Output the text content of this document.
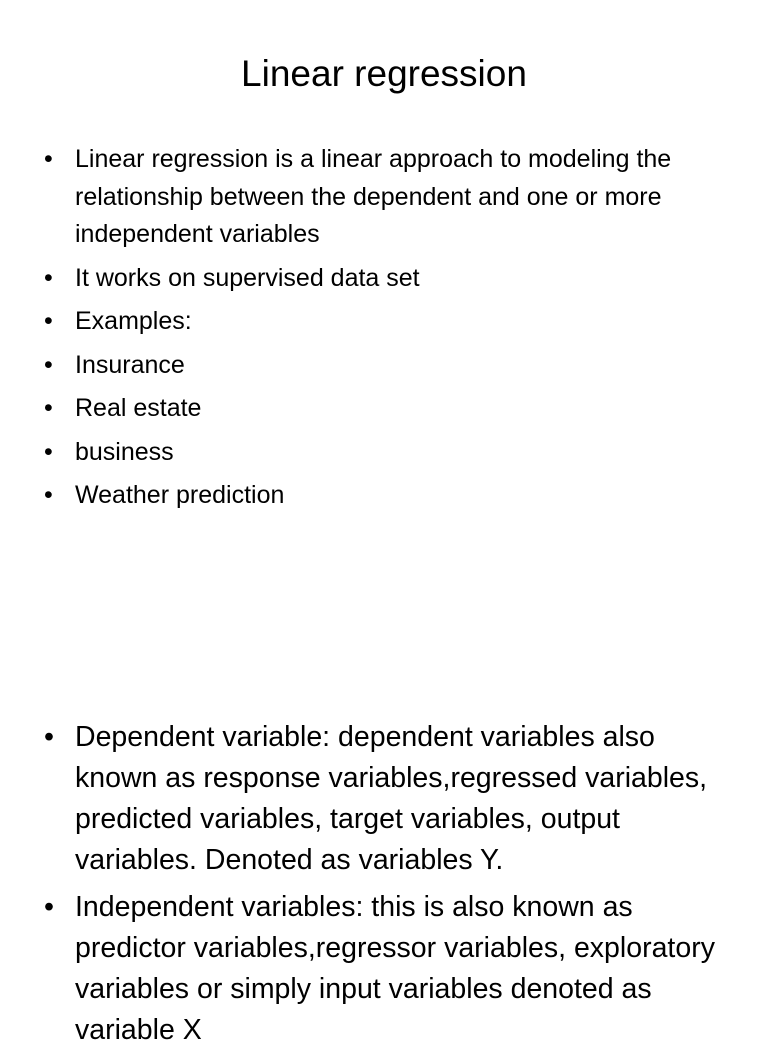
Linear regression
• Linear regression is a linear approach to modeling the relationship between the dependent and one or more independent variables
• It works on supervised data set
• Examples:
• Insurance
• Real estate
• business
• Weather prediction
• Dependent variable: dependent variables also known as response variables,regressed variables, predicted variables, target variables, output variables. Denoted as variables Y.
• Independent variables: this is also known as predictor variables,regressor variables, exploratory variables or simply input variables denoted as variable X
